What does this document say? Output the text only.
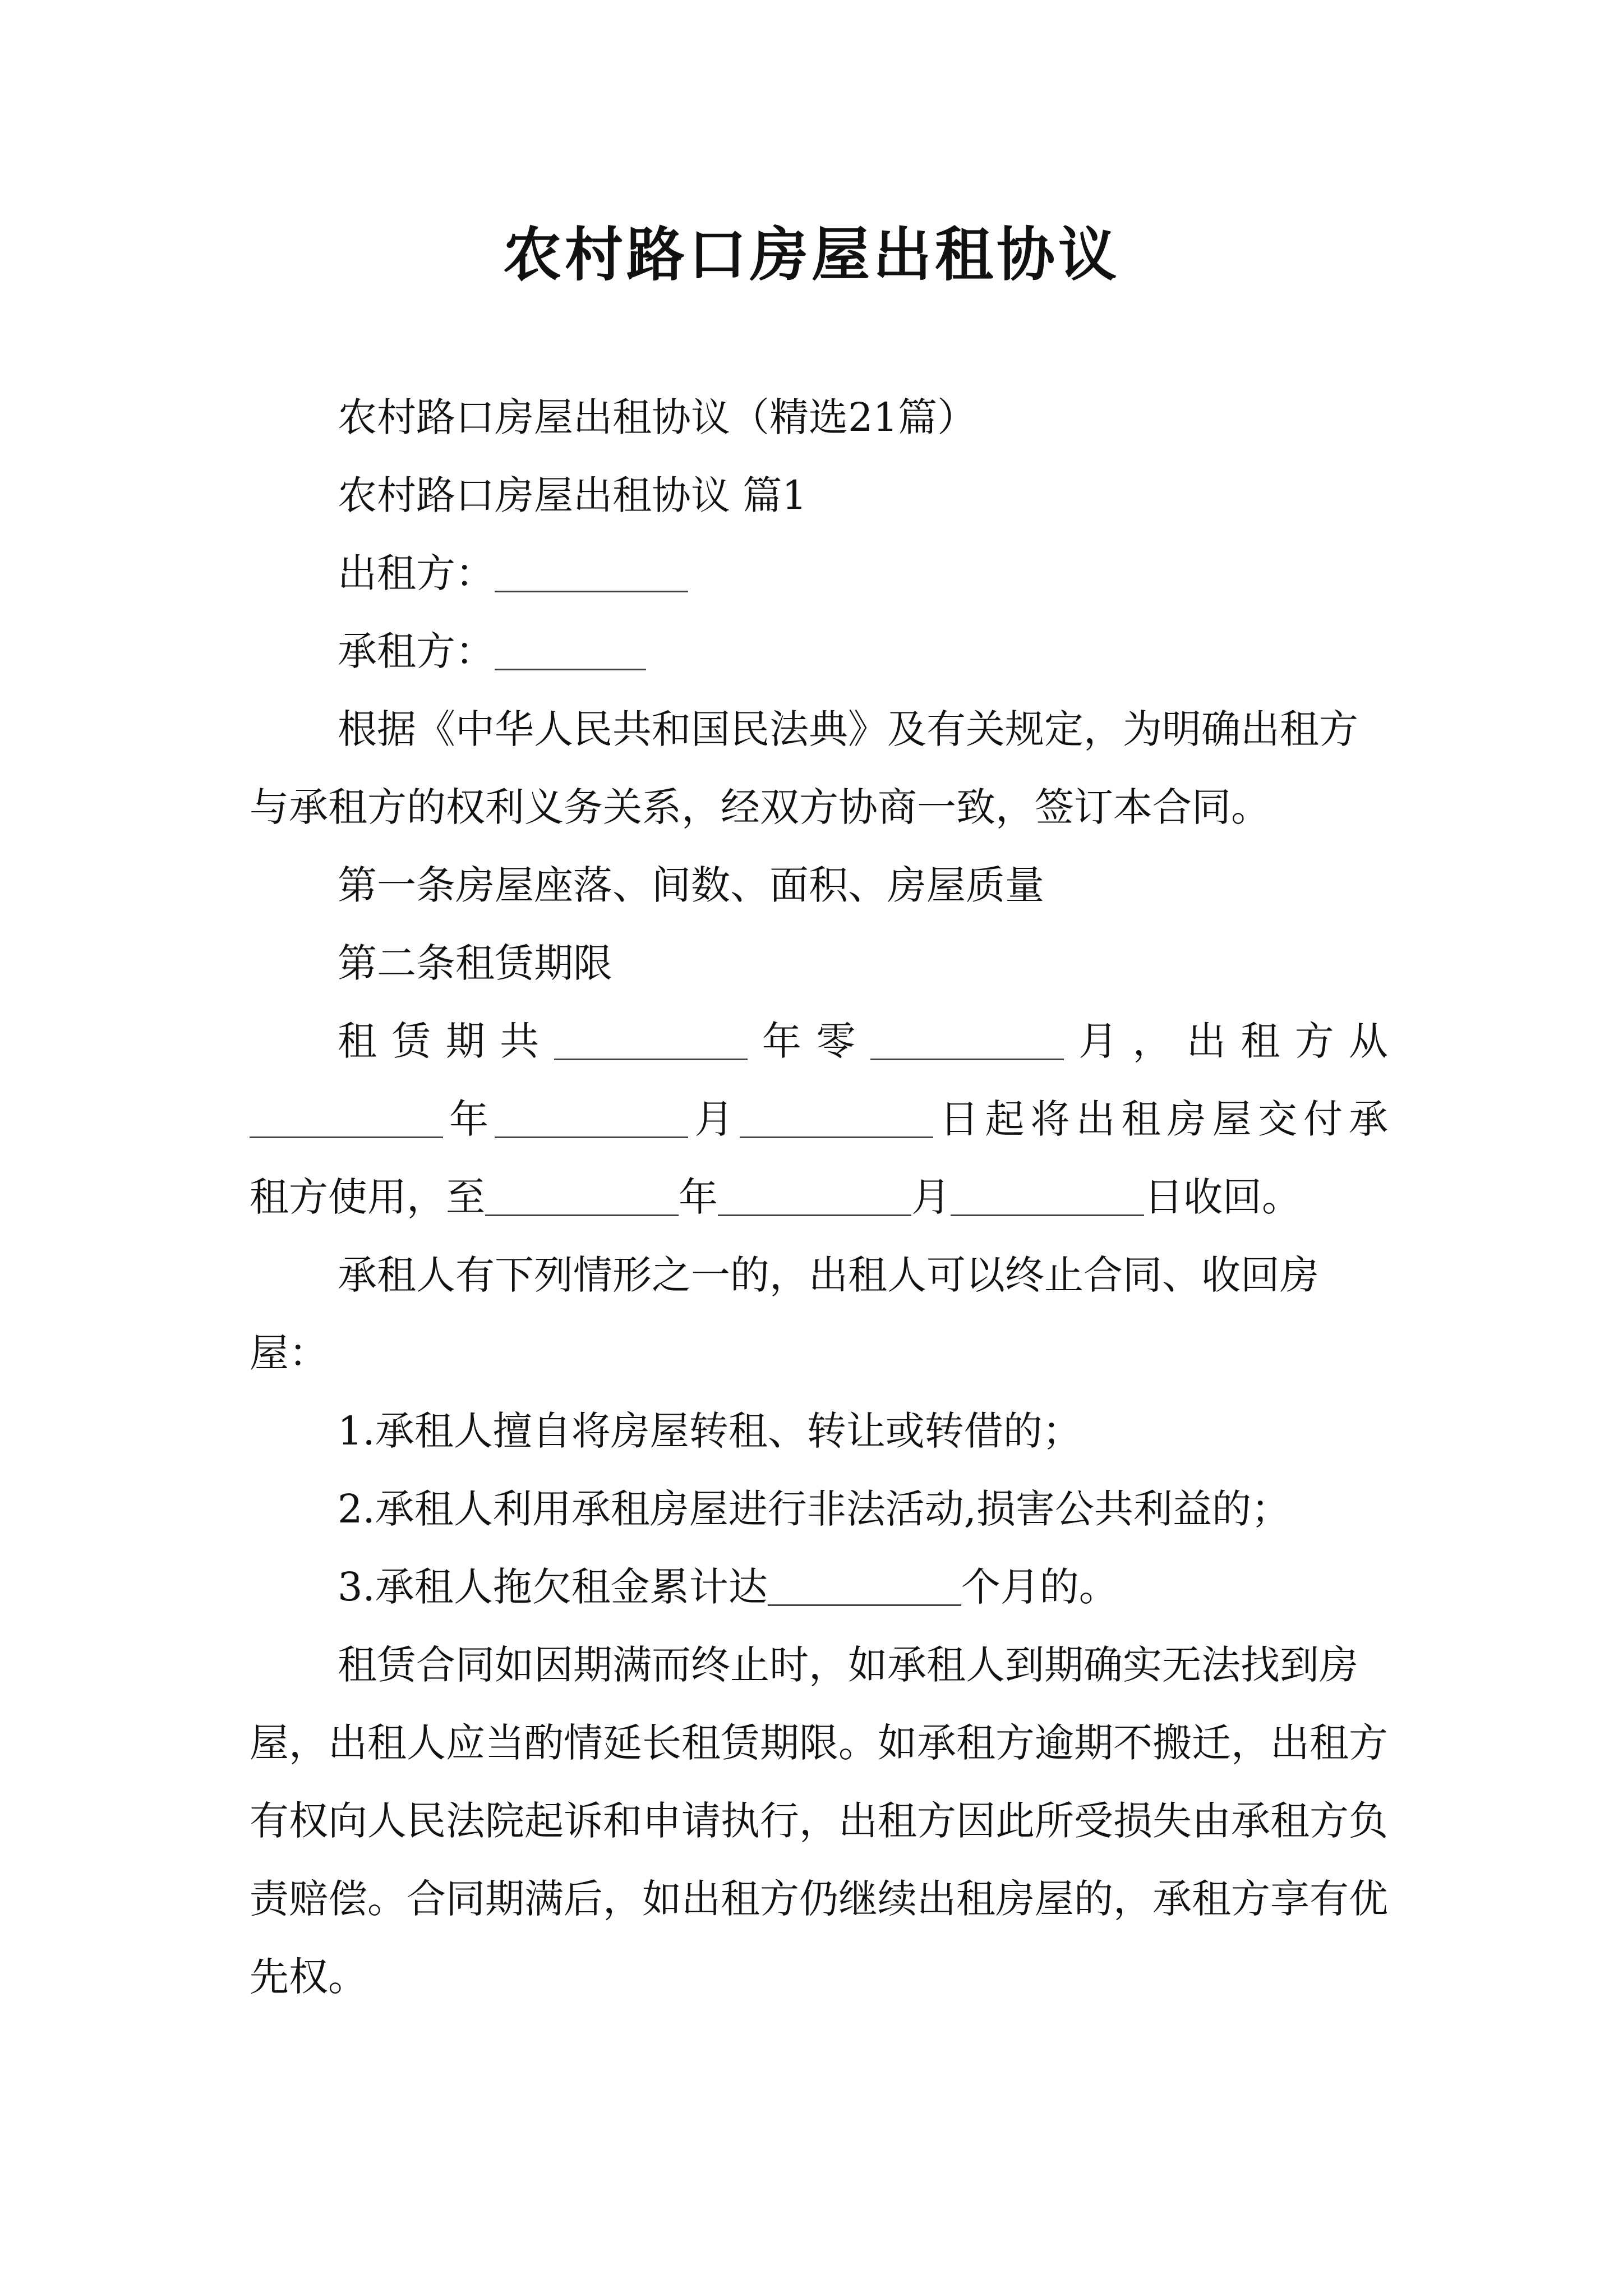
农村路口房屋出租协议

农村路口房屋出租协议（精选21篇）

农村路口房屋出租协议 篇1

出租方：

承租方：

根据《中华人民共和国民法典》及有关规定，为明确出租方与承租方的权利义务关系，经双方协商一致，签订本合同。

第一条房屋座落、间数、面积、房屋质量

第二条租赁期限

租赁期共	年零	月，出租方从

年	月	日起将出租房屋交付承

租方使用，至	年	月	日收回。

承租人有下列情形之一的，出租人可以终止合同、收回房屋：

1.承租人擅自将房屋转租、转让或转借的；

2.承租人利用承租房屋进行非法活动,损害公共利益的；

3.承租人拖欠租金累计达	个月的。

租赁合同如因期满而终止时，如承租人到期确实无法找到房屋，出租人应当酌情延长租赁期限。如承租方逾期不搬迁，出租方有权向人民法院起诉和申请执行，出租方因此所受损失由承租方负责赔偿。合同期满后，如出租方仍继续出租房屋的，承租方享有优先权。
